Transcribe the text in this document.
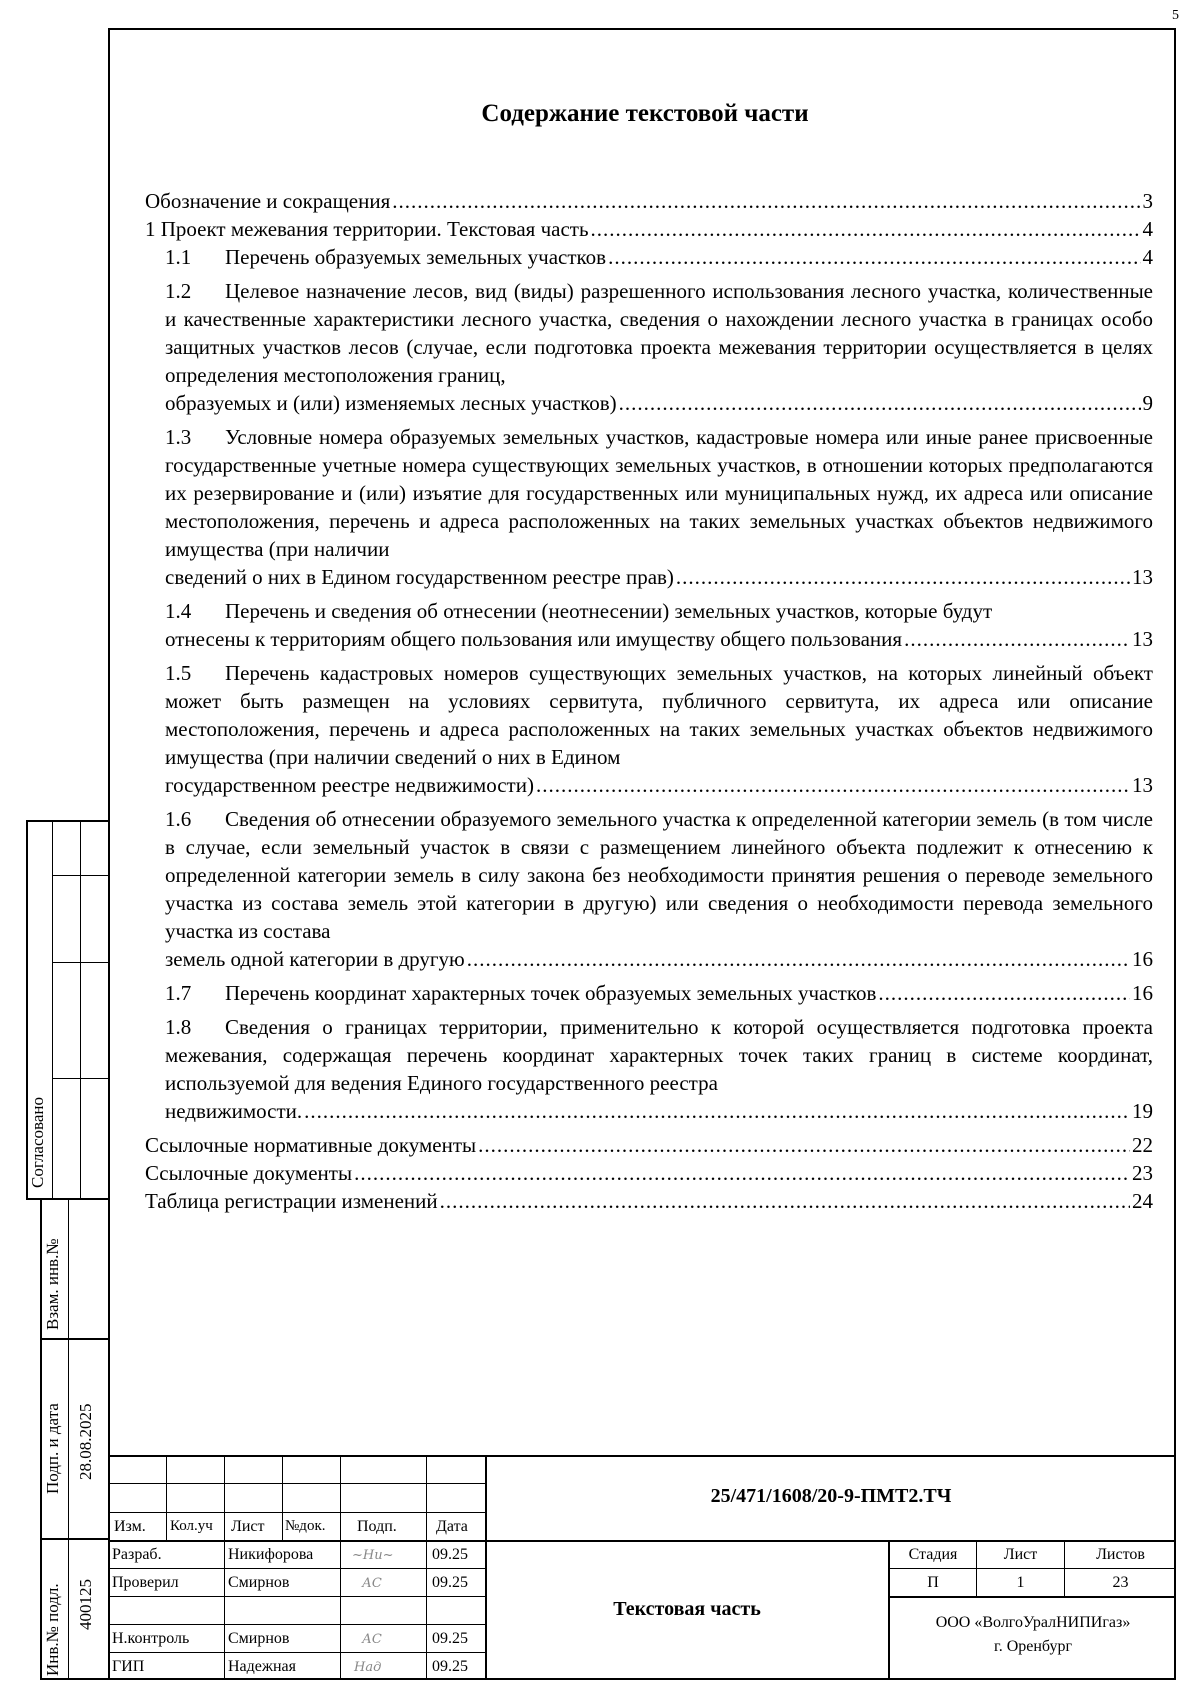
5
Содержание текстовой части
Обозначение и сокращения .....	3
1 Проект межевания территории. Текстовая часть .....	4
1.1 Перечень образуемых земельных участков .....	4
1.2 Целевое назначение лесов, вид (виды) разрешенного использования лесного участка, количественные и качественные характеристики лесного участка, сведения о нахождении лесного участка в границах особо защитных участков лесов (случае, если подготовка проекта межевания территории осуществляется в целях определения местоположения границ,
образуемых и (или) изменяемых лесных участков) .....	9
1.3 Условные номера образуемых земельных участков, кадастровые номера или иные ранее присвоенные государственные учетные номера существующих земельных участков, в отношении которых предполагаются их резервирование и (или) изъятие для государственных или муниципальных нужд, их адреса или описание местоположения, перечень и адреса расположенных на таких земельных участках объектов недвижимого имущества (при наличии
сведений о них в Едином государственном реестре прав) .....	13
1.4 Перечень и сведения об отнесении (неотнесении) земельных участков, которые будут
отнесены к территориям общего пользования или имуществу общего пользования .....	13
1.5 Перечень кадастровых номеров существующих земельных участков, на которых линейный объект может быть размещен на условиях сервитута, публичного сервитута, их адреса или описание местоположения, перечень и адреса расположенных на таких земельных участках объектов недвижимого имущества (при наличии сведений о них в Едином
государственном реестре недвижимости) .....	13
1.6 Сведения об отнесении образуемого земельного участка к определенной категории земель (в том числе в случае, если земельный участок в связи с размещением линейного объекта подлежит к отнесению к определенной категории земель в силу закона без необходимости принятия решения о переводе земельного участка из состава земель этой категории в другую) или сведения о необходимости перевода земельного участка из состава
земель одной категории в другую .....	16
1.7 Перечень координат характерных точек образуемых земельных участков .....	16
1.8 Сведения о границах территории, применительно к которой осуществляется подготовка проекта межевания, содержащая перечень координат характерных точек таких границ в системе координат, используемой для ведения Единого государственного реестра
недвижимости. .....	19
Ссылочные нормативные документы .....	22
Ссылочные документы .....	23
Таблица регистрации изменений .....	24
Согласовано
Взам. инв.№
Подп. и дата 28.08.2025
Инв.№ подл. 400125
Изм. Кол.уч Лист №док. Подп. Дата
Разраб.	Никифорова	~Ни~ 09.25
Проверил	Смирнов	АС	09.25
Н.контроль Смирнов	АС	09.25
ГИП	Надежная	Над	09.25
25/471/1608/20-9-ПМТ2.ТЧ
Текстовая часть
Стадия	Лист	Листов
П	1	23
ООО «ВолгоУралНИПИгаз»
г. Оренбург
